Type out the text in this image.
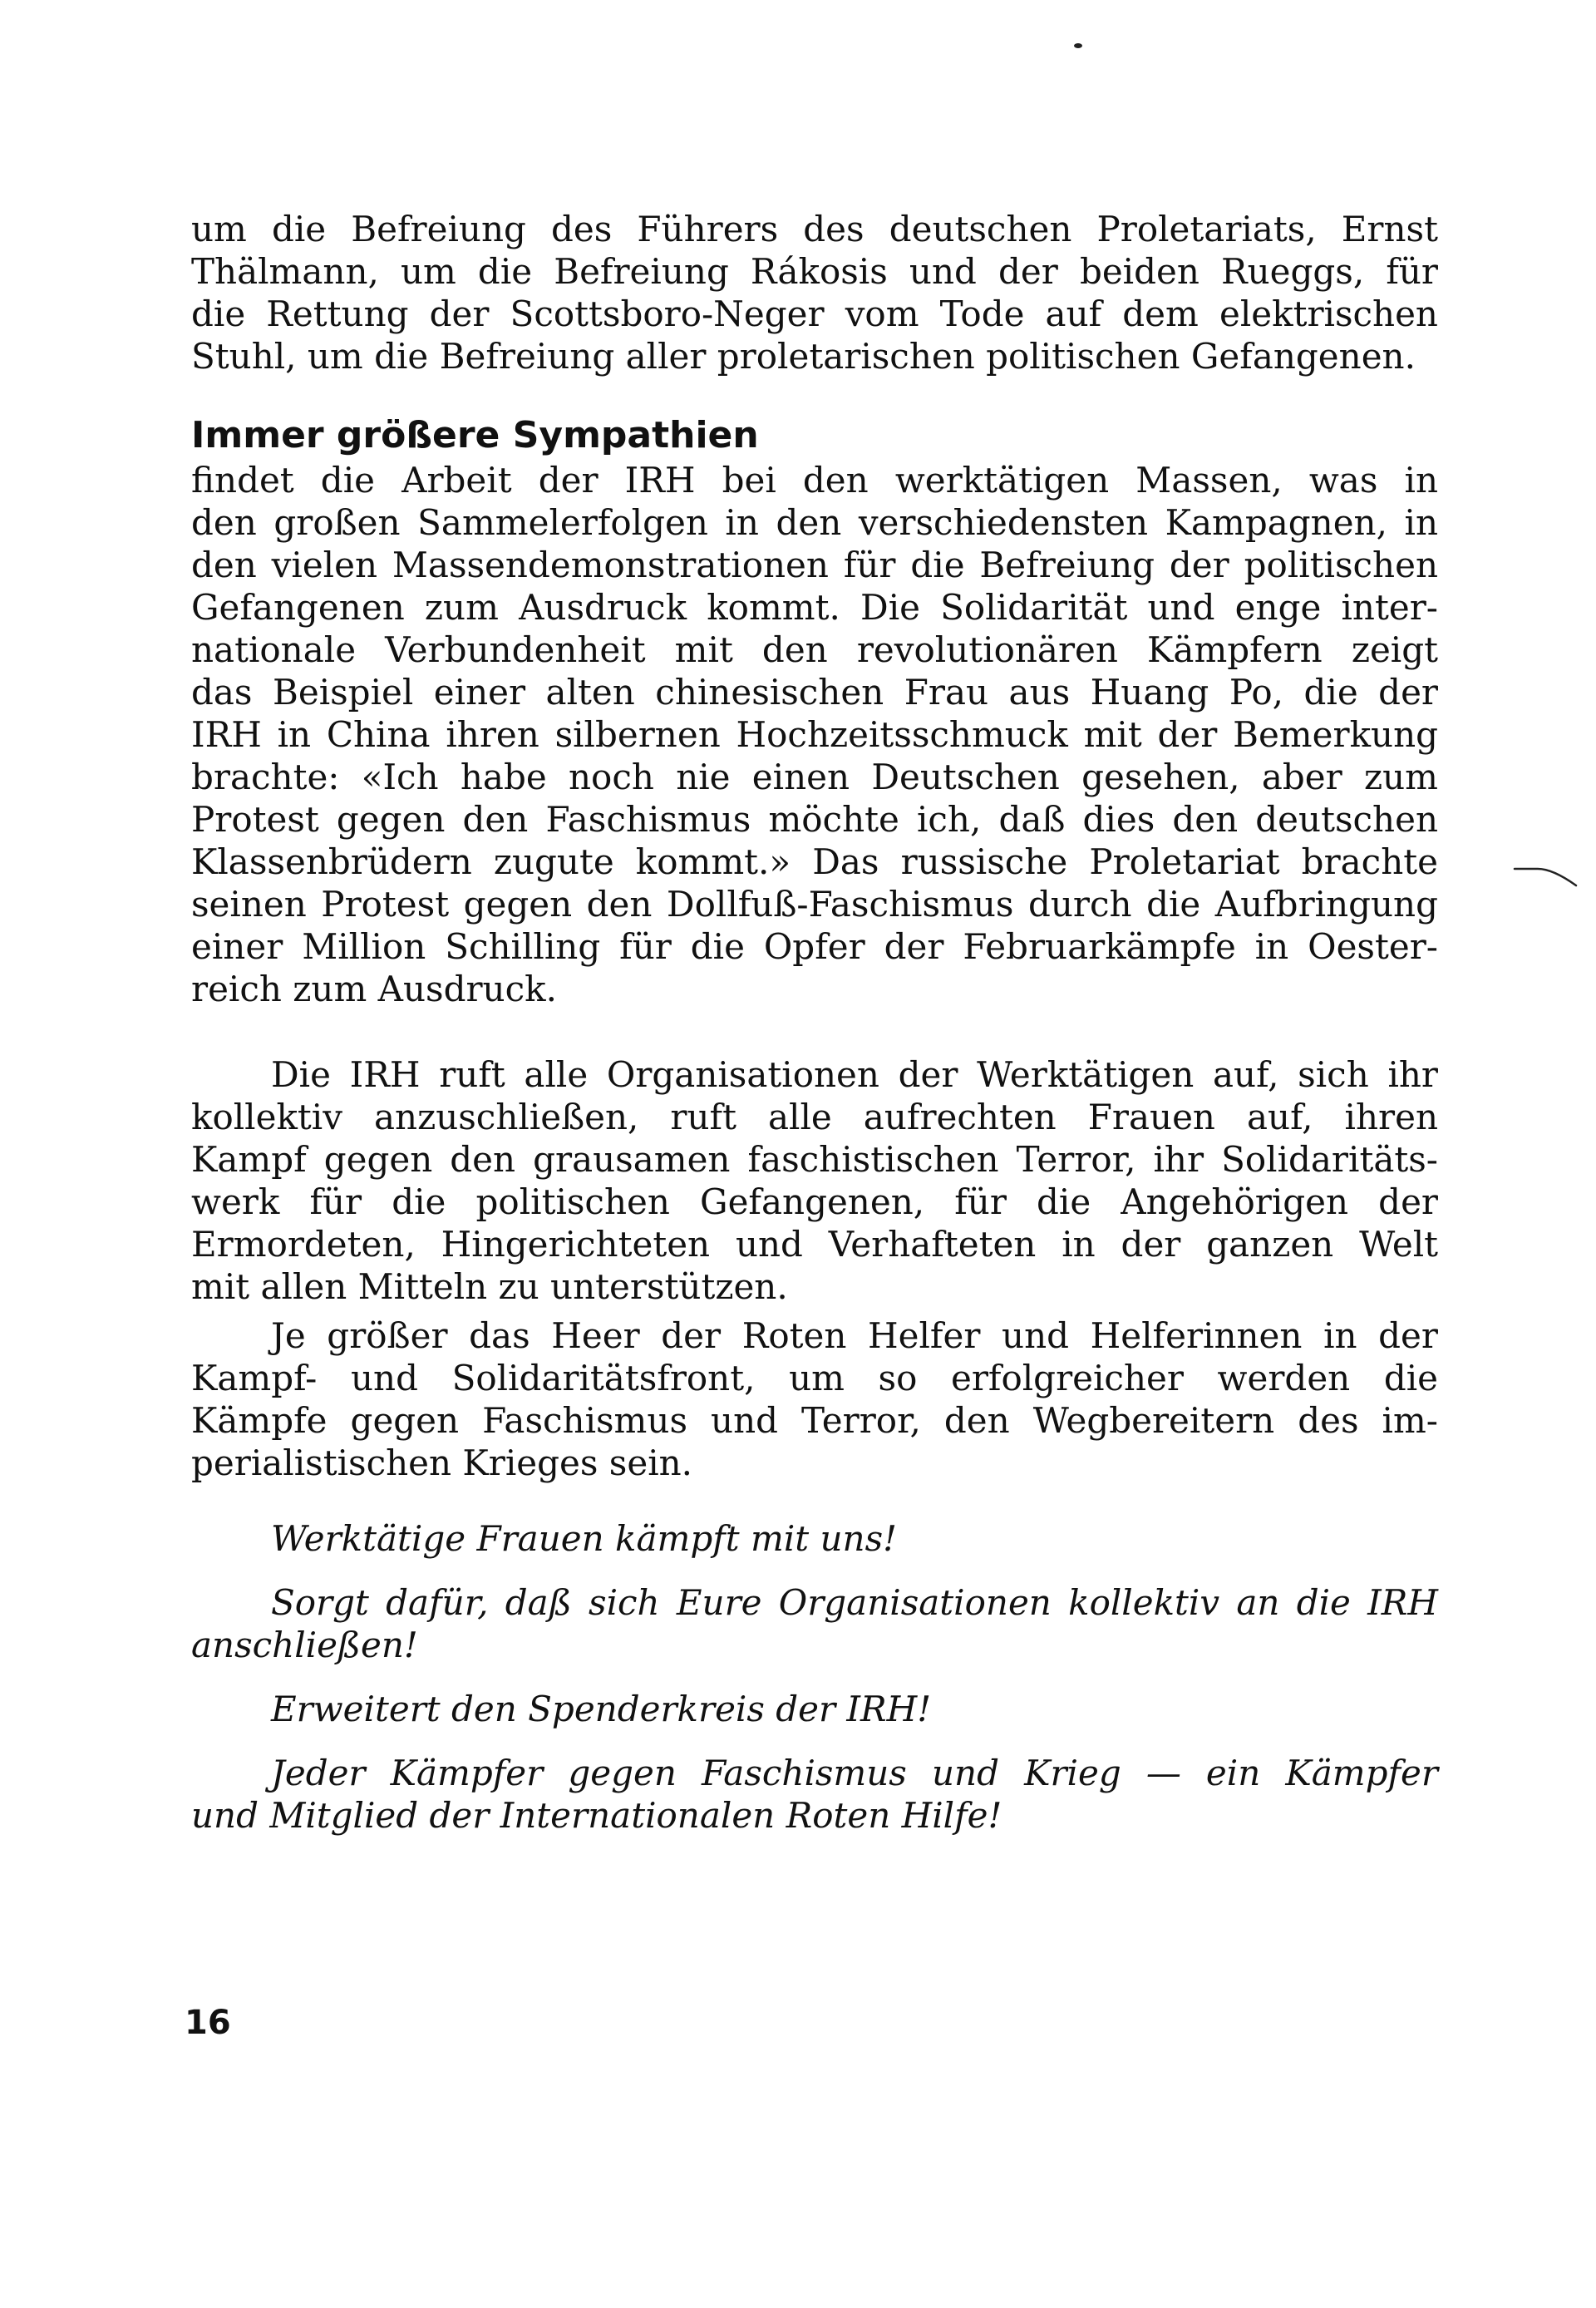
um die Befreiung des Führers des deutschen Proletariats, Ernst
Thälmann, um die Befreiung Rákosis und der beiden Rueggs, für
die Rettung der Scottsboro-Neger vom Tode auf dem elektrischen
Stuhl, um die Befreiung aller proletarischen politischen Gefangenen.

Immer größere Sympathien

findet die Arbeit der IRH bei den werktätigen Massen, was in
den großen Sammelerfolgen in den verschiedensten Kampagnen, in
den vielen Massendemonstrationen für die Befreiung der politischen
Gefangenen zum Ausdruck kommt. Die Solidarität und enge inter-
nationale Verbundenheit mit den revolutionären Kämpfern zeigt
das Beispiel einer alten chinesischen Frau aus Huang Po, die der
IRH in China ihren silbernen Hochzeitsschmuck mit der Bemerkung
brachte: «Ich habe noch nie einen Deutschen gesehen, aber zum
Protest gegen den Faschismus möchte ich, daß dies den deutschen
Klassenbrüdern zugute kommt.» Das russische Proletariat brachte
seinen Protest gegen den Dollfuß-Faschismus durch die Aufbringung
einer Million Schilling für die Opfer der Februarkämpfe in Oester-
reich zum Ausdruck.

Die IRH ruft alle Organisationen der Werktätigen auf, sich ihr
kollektiv anzuschließen, ruft alle aufrechten Frauen auf, ihren
Kampf gegen den grausamen faschistischen Terror, ihr Solidaritäts-
werk für die politischen Gefangenen, für die Angehörigen der
Ermordeten, Hingerichteten und Verhafteten in der ganzen Welt
mit allen Mitteln zu unterstützen.

Je größer das Heer der Roten Helfer und Helferinnen in der
Kampf- und Solidaritätsfront, um so erfolgreicher werden die
Kämpfe gegen Faschismus und Terror, den Wegbereitern des im-
perialistischen Krieges sein.

Werktätige Frauen kämpft mit uns!
Sorgt dafür, daß sich Eure Organisationen kollektiv an die IRH
anschließen!
Erweitert den Spenderkreis der IRH!
Jeder Kämpfer gegen Faschismus und Krieg — ein Kämpfer
und Mitglied der Internationalen Roten Hilfe!
16
